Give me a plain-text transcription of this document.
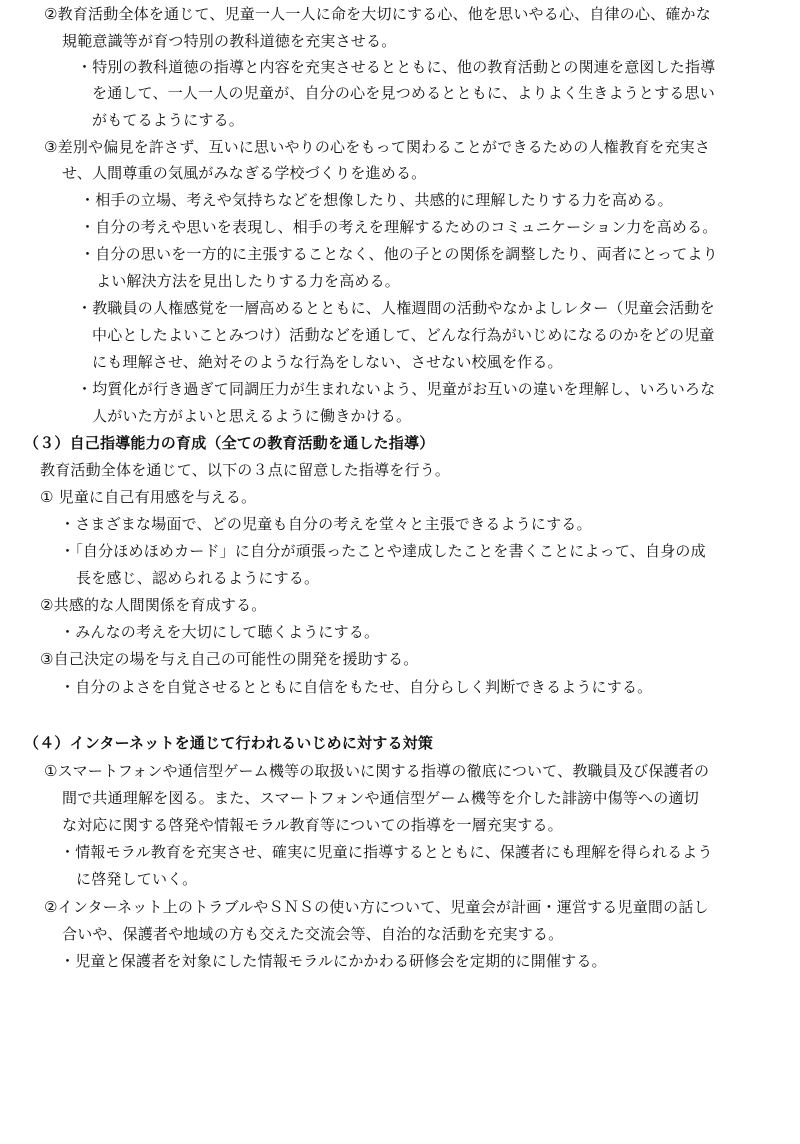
②教育活動全体を通じて、児童一人一人に命を大切にする心、他を思いやる心、自律の心、確かな
規範意識等が育つ特別の教科道徳を充実させる。
・特別の教科道徳の指導と内容を充実させるとともに、他の教育活動との関連を意図した指導
を通して、一人一人の児童が、自分の心を見つめるとともに、よりよく生きようとする思い
がもてるようにする。
③差別や偏見を許さず、互いに思いやりの心をもって関わることができるための人権教育を充実さ
せ、人間尊重の気風がみなぎる学校づくりを進める。
・相手の立場、考えや気持ちなどを想像したり、共感的に理解したりする力を高める。
・自分の考えや思いを表現し、相手の考えを理解するためのコミュニケーション力を高める。
・自分の思いを一方的に主張することなく、他の子との関係を調整したり、両者にとってより
よい解決方法を見出したりする力を高める。
・教職員の人権感覚を一層高めるとともに、人権週間の活動やなかよしレター（児童会活動を
中心としたよいことみつけ）活動などを通して、どんな行為がいじめになるのかをどの児童
にも理解させ、絶対そのような行為をしない、させない校風を作る。
・均質化が行き過ぎて同調圧力が生まれないよう、児童がお互いの違いを理解し、いろいろな
人がいた方がよいと思えるように働きかける。
（３）自己指導能力の育成（全ての教育活動を通した指導）
教育活動全体を通じて、以下の３点に留意した指導を行う。
① 児童に自己有用感を与える。
・さまざまな場面で、どの児童も自分の考えを堂々と主張できるようにする。
・「自分ほめほめカード」に自分が頑張ったことや達成したことを書くことによって、自身の成
長を感じ、認められるようにする。
②共感的な人間関係を育成する。
・みんなの考えを大切にして聴くようにする。
③自己決定の場を与え自己の可能性の開発を援助する。
・自分のよさを自覚させるとともに自信をもたせ、自分らしく判断できるようにする。
（４）インターネットを通じて行われるいじめに対する対策
①スマートフォンや通信型ゲーム機等の取扱いに関する指導の徹底について、教職員及び保護者の
間で共通理解を図る。また、スマートフォンや通信型ゲーム機等を介した誹謗中傷等への適切
な対応に関する啓発や情報モラル教育等についての指導を一層充実する。
・情報モラル教育を充実させ、確実に児童に指導するとともに、保護者にも理解を得られるよう
に啓発していく。
②インターネット上のトラブルやＳＮＳの使い方について、児童会が計画・運営する児童間の話し
合いや、保護者や地域の方も交えた交流会等、自治的な活動を充実する。
・児童と保護者を対象にした情報モラルにかかわる研修会を定期的に開催する。
